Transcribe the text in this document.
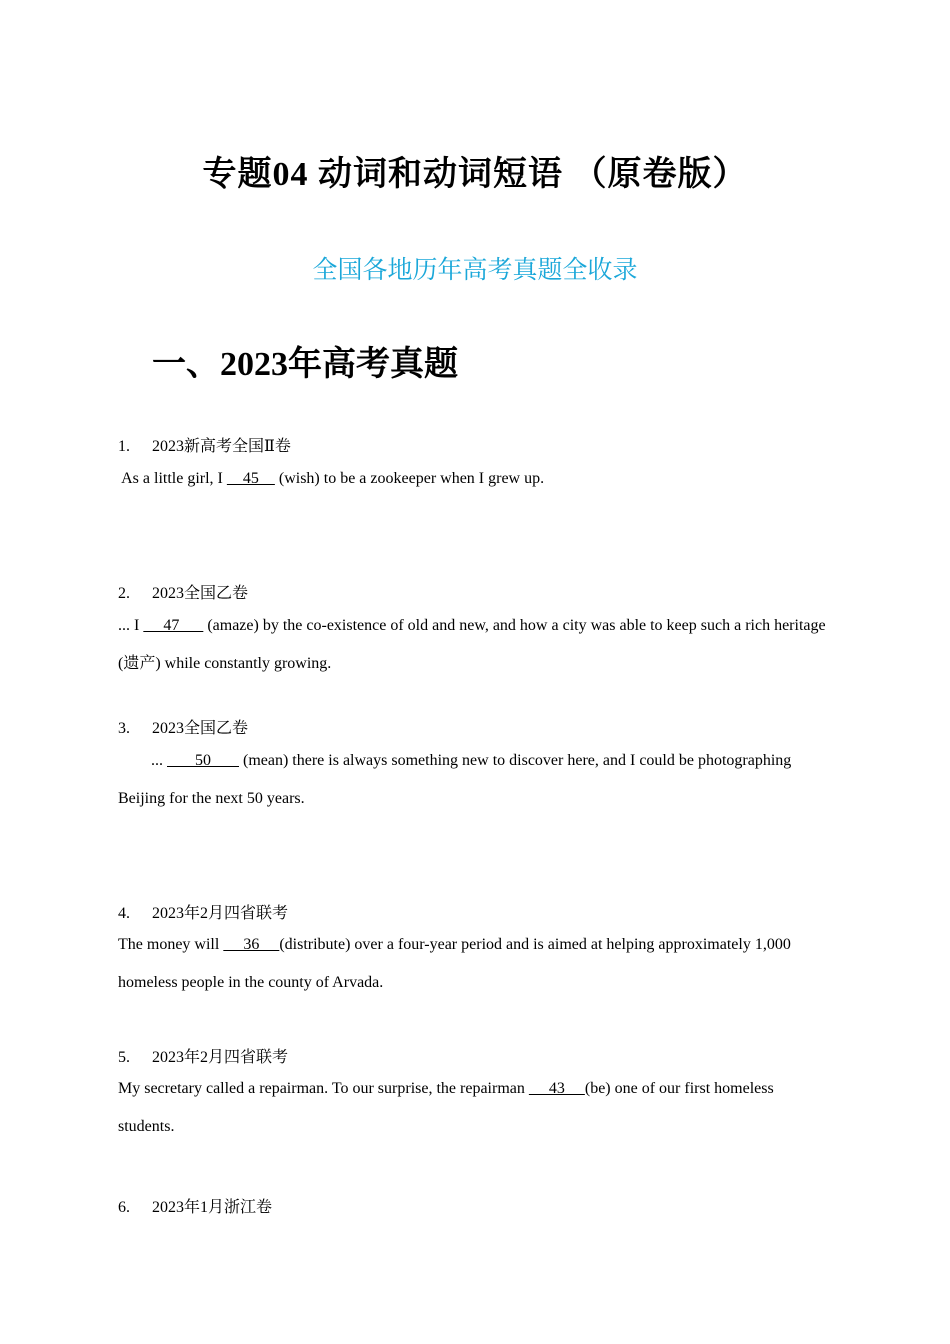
专题04 动词和动词短语 （原卷版）
全国各地历年高考真题全收录
一、2023年高考真题
1. 2023新高考全国Ⅱ卷
As a little girl, I     45     (wish) to be a zookeeper when I grew up.
2. 2023全国乙卷
... I      47       (amaze) by the co-existence of old and new, and how a city was able to keep such a rich heritage (遗产) while constantly growing.
3. 2023全国乙卷
...        50        (mean) there is always something new to discover here, and I could be photographing Beijing for the next 50 years.
4. 2023年2月四省联考
The money will      36     (distribute) over a four-year period and is aimed at helping approximately 1,000 homeless people in the county of Arvada.
5. 2023年2月四省联考
My secretary called a repairman. To our surprise, the repairman      43     (be) one of our first homeless students.
6. 2023年1月浙江卷
